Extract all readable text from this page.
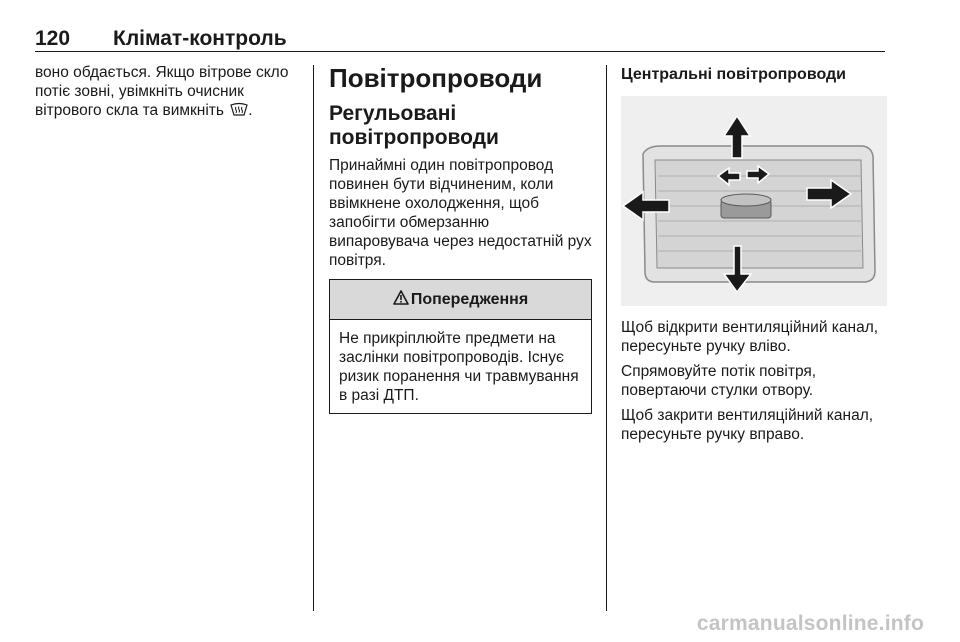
120 Клімат-контроль

воно обдається. Якщо вітрове скло потіє зовні, увімкніть очисник вітрового скла та вимкніть .

Повітропроводи
Регульовані повітропроводи
Принаймні один повітропровод повинен бути відчиненим, коли ввімкнене охолодження, щоб запобігти обмерзанню випаровувача через недостатній рух повітря.
Попередження
Не прикріплюйте предмети на заслінки повітропроводів. Існує ризик поранення чи травмування в разі ДТП.
Центральні повітропроводи

Щоб відкрити вентиляційний канал, пересуньте ручку вліво.

Спрямовуйте потік повітря, повертаючи стулки отвору.

Щоб закрити вентиляційний канал, пересуньте ручку вправо.

carmanualsonline.info
